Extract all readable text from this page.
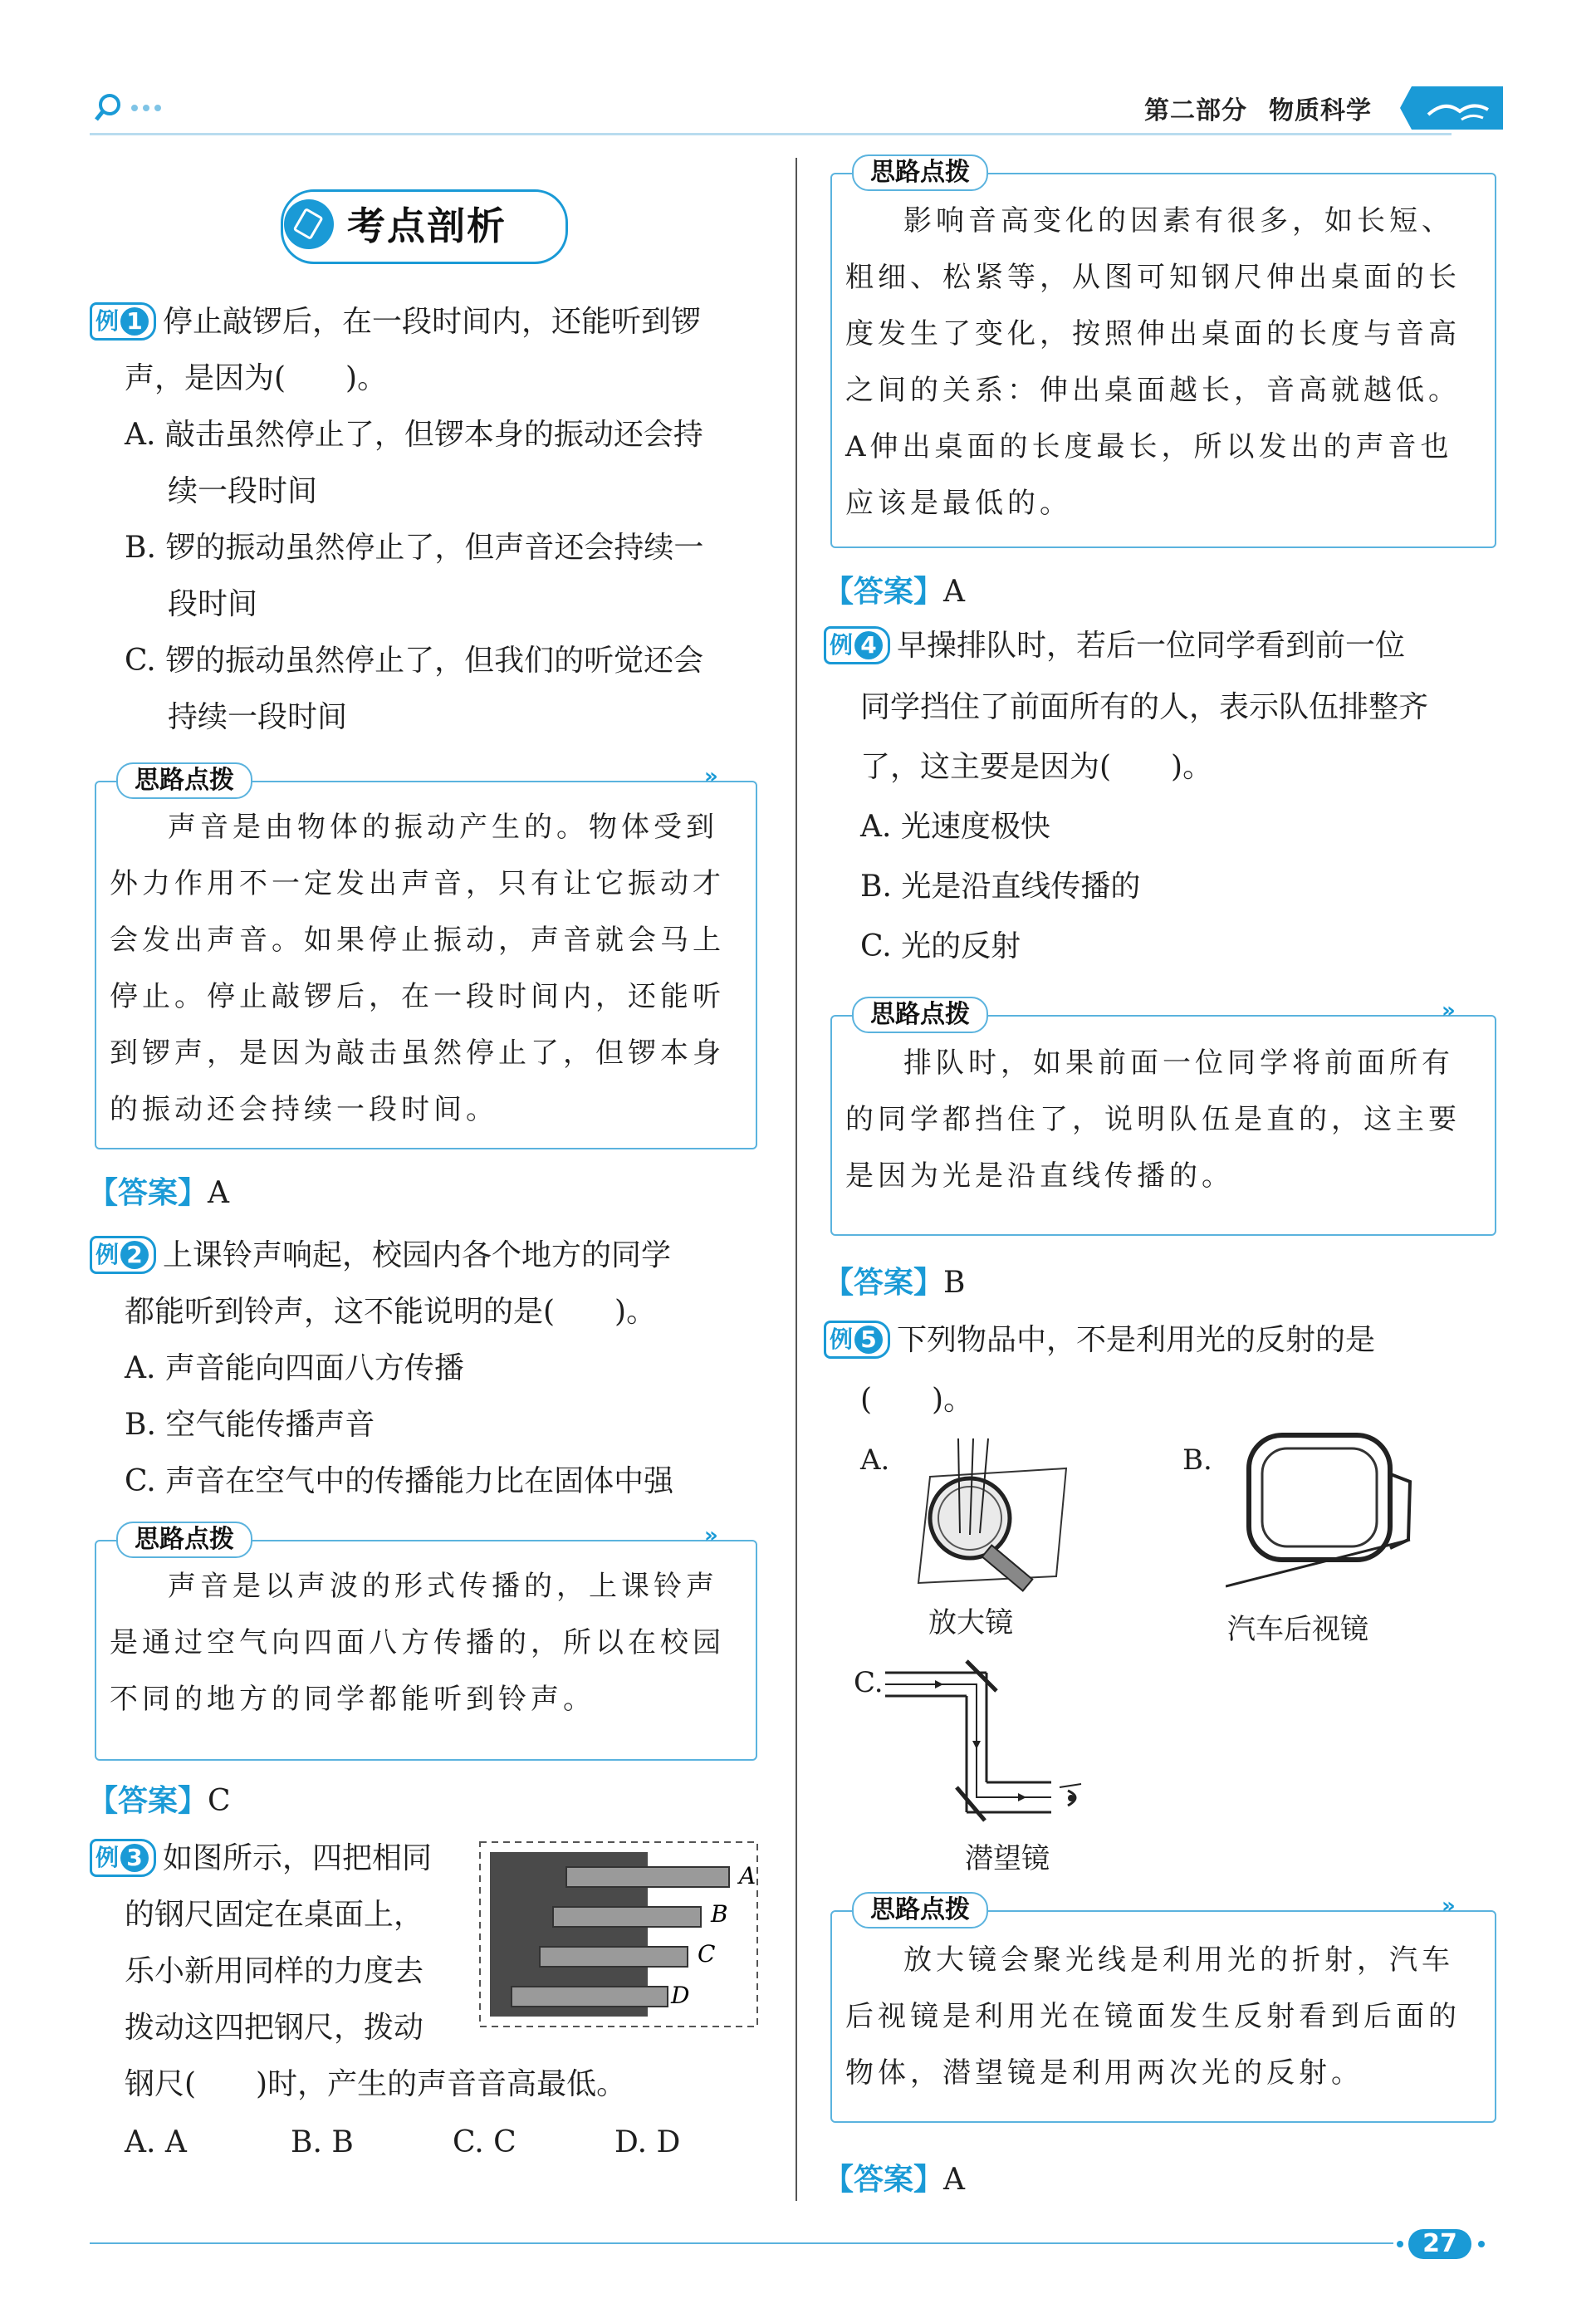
第二部分 物质科学
考点剖析

例 1 停止敲锣后，在一段时间内，还能听到锣

声，是因为(　　)。

A. 敲击虽然停止了，但锣本身的振动还会持

续一段时间

B. 锣的振动虽然停止了，但声音还会持续一

段时间

C. 锣的振动虽然停止了，但我们的听觉还会

持续一段时间

思路点拨	»

声音是由物体的振动产生的。物体受到外力作用不一定发出声音，只有让它振动才会发出声音。如果停止振动，声音就会马上停止。停止敲锣后，在一段时间内，还能听到锣声，是因为敲击虽然停止了，但锣本身的振动还会持续一段时间。

【答案】A

例 2 上课铃声响起，校园内各个地方的同学

都能听到铃声，这不能说明的是(　　)。

A. 声音能向四面八方传播

B. 空气能传播声音

C. 声音在空气中的传播能力比在固体中强

思路点拨	»

声音是以声波的形式传播的，上课铃声是通过空气向四面八方传播的，所以在校园不同的地方的同学都能听到铃声。

【答案】C

例 3 如图所示，四把相同

的钢尺固定在桌面上，

乐小新用同样的力度去

拨动这四把钢尺，拨动

钢尺(　　)时，产生的声音音高最低。

A. A	B. B	C. C	D. D

A
B
C
D
思路点拨

影响音高变化的因素有很多，如长短、粗细、松紧等，从图可知钢尺伸出桌面的长度发生了变化，按照伸出桌面的长度与音高之间的关系：伸出桌面越长，音高就越低。A伸出桌面的长度最长，所以发出的声音也应该是最低的。

【答案】A

例 4 早操排队时，若后一位同学看到前一位

同学挡住了前面所有的人，表示队伍排整齐

了，这主要是因为(　　)。

A. 光速度极快

B. 光是沿直线传播的

C. 光的反射

思路点拨	»

排队时，如果前面一位同学将前面所有的同学都挡住了，说明队伍是直的，这主要是因为光是沿直线传播的。

【答案】B

例 5 下列物品中，不是利用光的反射的是

(　　)。

A.
放大镜
B.
汽车后视镜
C.
潜望镜
思路点拨	»

放大镜会聚光线是利用光的折射，汽车后视镜是利用光在镜面发生反射看到后面的物体，潜望镜是利用两次光的反射。

【答案】A
27
